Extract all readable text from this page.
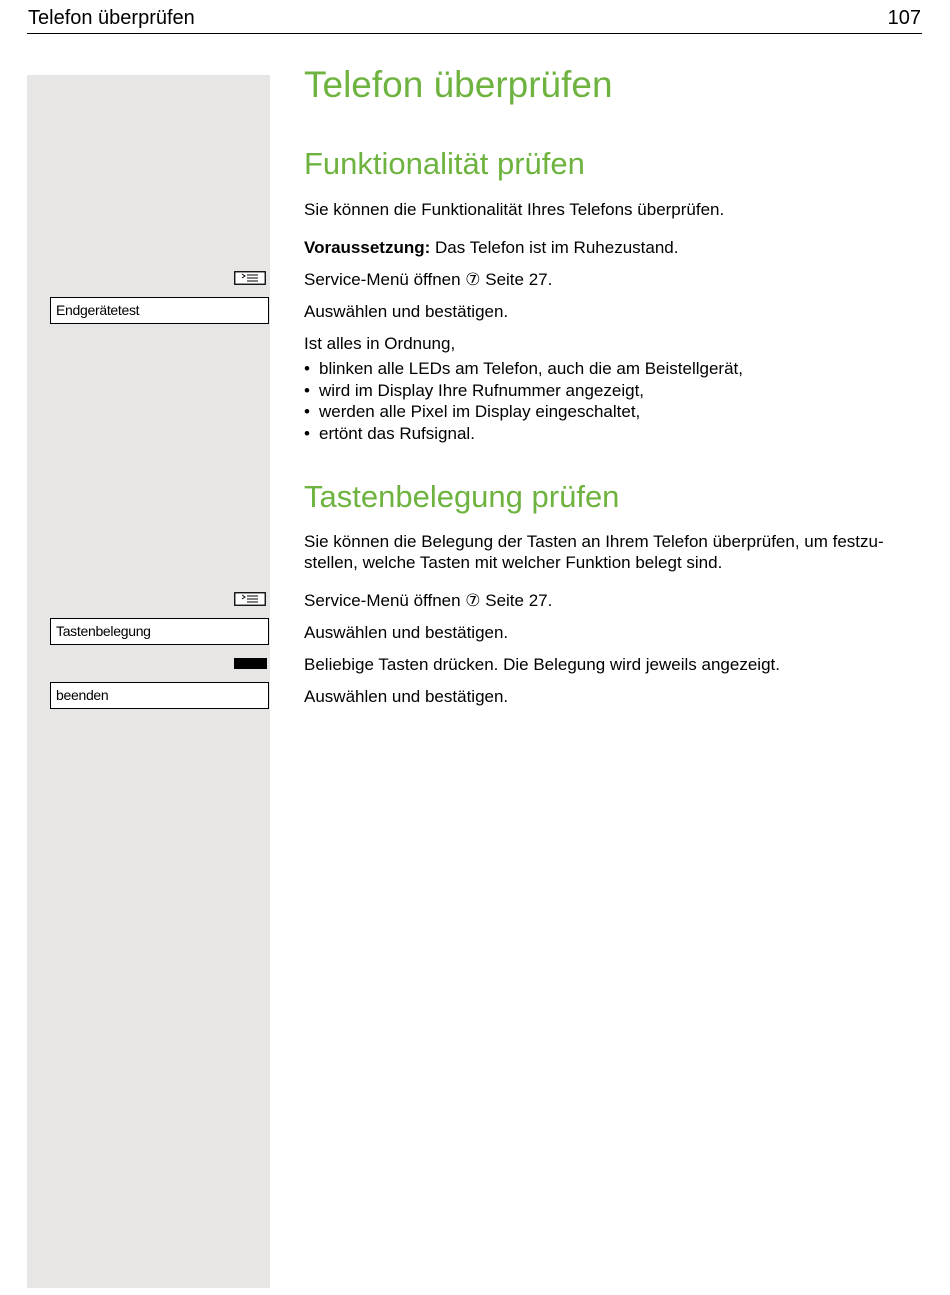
Telefon überprüfen	107
Telefon überprüfen
Funktionalität prüfen

Sie können die Funktionalität Ihres Telefons überprüfen.

Voraussetzung: Das Telefon ist im Ruhezustand.

Service-Menü öffnen ⑦ Seite 27.

Endgerätetest	Auswählen und bestätigen.

Ist alles in Ordnung,

• blinken alle LEDs am Telefon, auch die am Beistellgerät,
• wird im Display Ihre Rufnummer angezeigt,
• werden alle Pixel im Display eingeschaltet,
• ertönt das Rufsignal.
Tastenbelegung prüfen

Sie können die Belegung der Tasten an Ihrem Telefon überprüfen, um festzu-

stellen, welche Tasten mit welcher Funktion belegt sind.

Service-Menü öffnen ⑦ Seite 27.

Tastenbelegung	Auswählen und bestätigen.

Beliebige Tasten drücken. Die Belegung wird jeweils angezeigt.

beenden	Auswählen und bestätigen.
